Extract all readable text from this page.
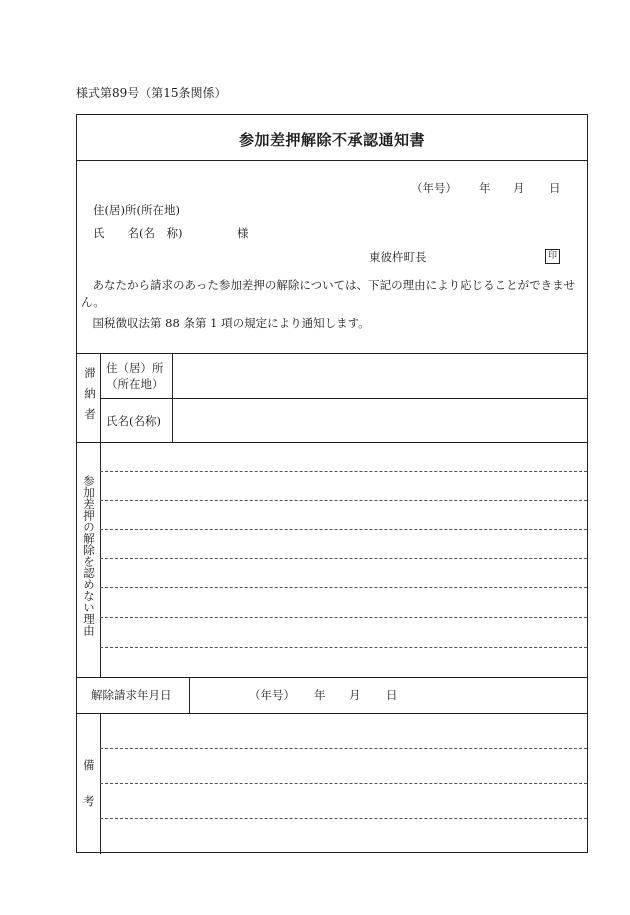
様式第89号（第15条関係）
参加差押解除不承認通知書
（年号） 年 月 日
住(居)所(所在地)
氏　　名(名　称)	様
東彼杵町長	印
あなたから請求のあった参加差押の解除については、下記の理由により応じることができません。
国税徴収法第 88 条第 1 項の規定により通知します。
滞納者 住（居）所
（所在地）
氏名(名称)
参加差押の解除を認めない理由
解除請求年月日	（年号） 年 月 日
備
考
